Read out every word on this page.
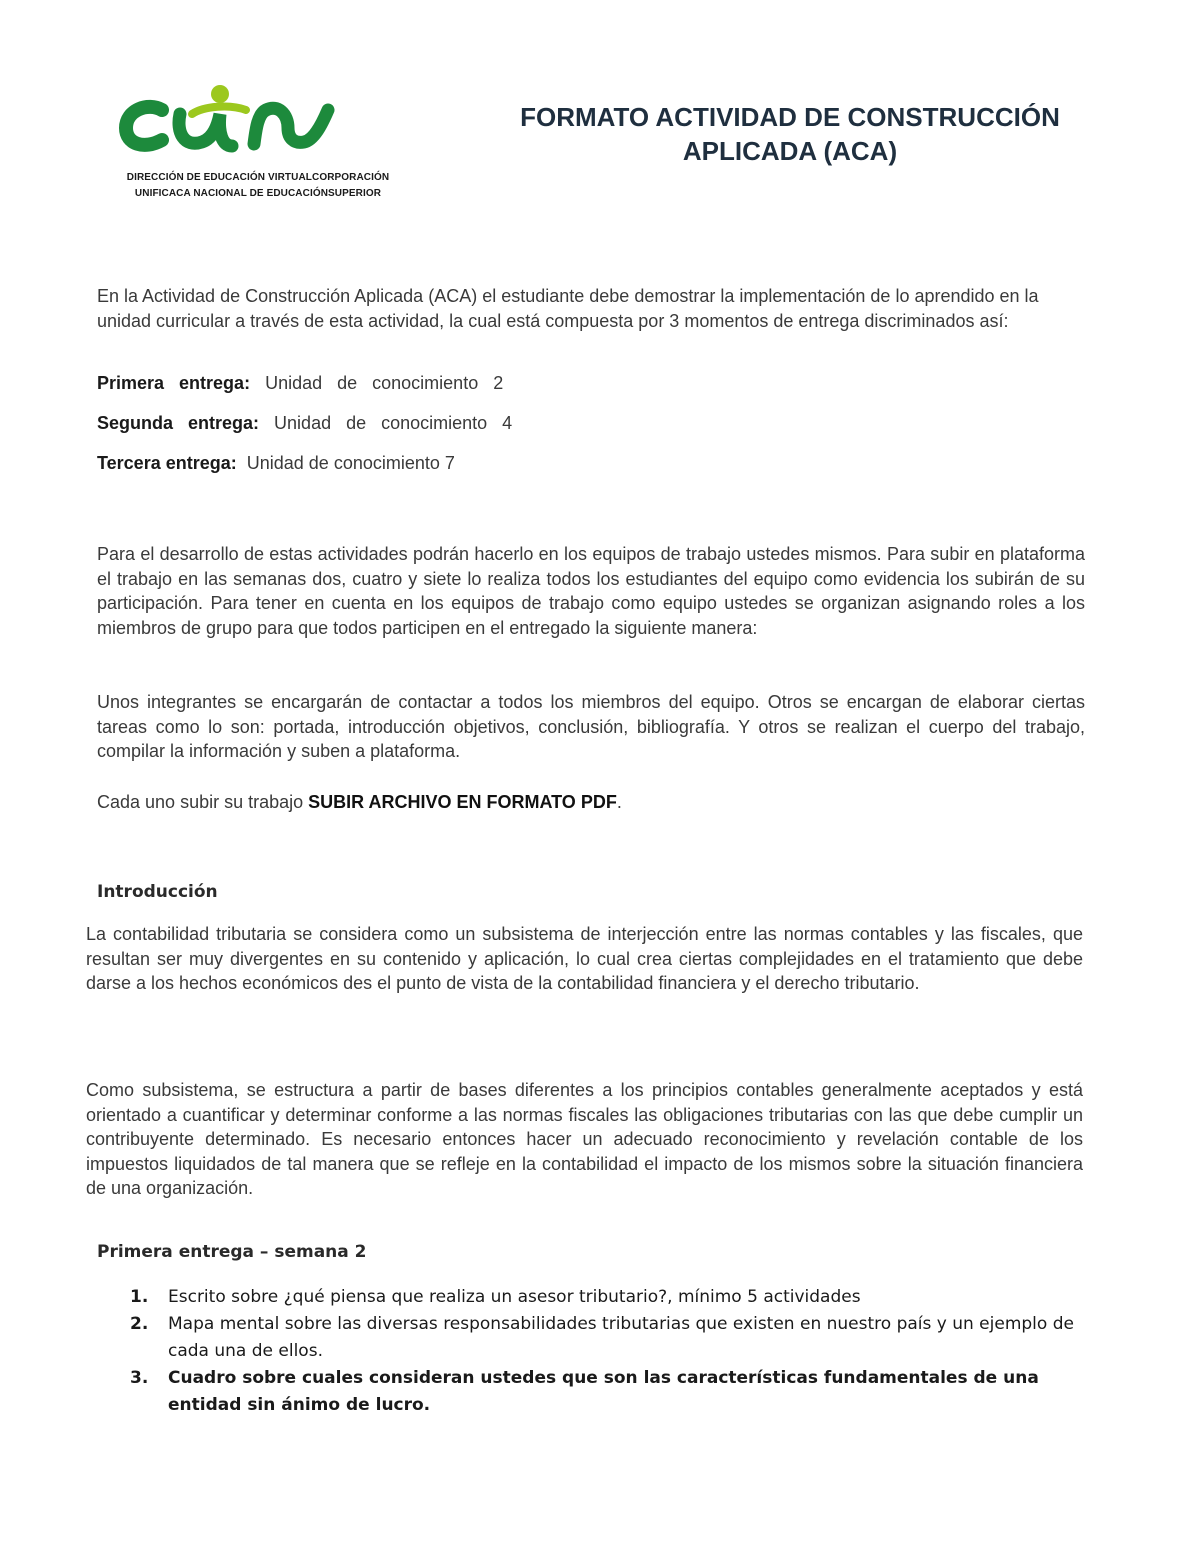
DIRECCIÓN DE EDUCACIÓN VIRTUALCORPORACIÓN
UNIFICACA NACIONAL DE EDUCACIÓNSUPERIOR
FORMATO ACTIVIDAD DE CONSTRUCCIÓN
APLICADA (ACA)

En la Actividad de Construcción Aplicada (ACA) el estudiante debe demostrar la implementación de lo aprendido en la unidad curricular a través de esta actividad, la cual está compuesta por 3 momentos de entrega discriminados así:

Primera entrega: Unidad de conocimiento 2
Segunda entrega: Unidad de conocimiento 4
Tercera entrega: Unidad de conocimiento 7

Para el desarrollo de estas actividades podrán hacerlo en los equipos de trabajo ustedes mismos. Para subir en plataforma el trabajo en las semanas dos, cuatro y siete lo realiza todos los estudiantes del equipo como evidencia los subirán de su participación. Para tener en cuenta en los equipos de trabajo como equipo ustedes se organizan asignando roles a los miembros de grupo para que todos participen en el entregado la siguiente manera:

Unos integrantes se encargarán de contactar a todos los miembros del equipo. Otros se encargan de elaborar ciertas tareas como lo son: portada, introducción objetivos, conclusión, bibliografía. Y otros se realizan el cuerpo del trabajo, compilar la información y suben a plataforma.

Cada uno subir su trabajo SUBIR ARCHIVO EN FORMATO PDF.

Introducción

La contabilidad tributaria se considera como un subsistema de interjección entre las normas contables y las fiscales, que resultan ser muy divergentes en su contenido y aplicación, lo cual crea ciertas complejidades en el tratamiento que debe darse a los hechos económicos des el punto de vista de la contabilidad financiera y el derecho tributario.

Como subsistema, se estructura a partir de bases diferentes a los principios contables generalmente aceptados y está orientado a cuantificar y determinar conforme a las normas fiscales las obligaciones tributarias con las que debe cumplir un contribuyente determinado. Es necesario entonces hacer un adecuado reconocimiento y revelación contable de los impuestos liquidados de tal manera que se refleje en la contabilidad el impacto de los mismos sobre la situación financiera de una organización.

Primera entrega – semana 2
1. Escrito sobre ¿qué piensa que realiza un asesor tributario?, mínimo 5 actividades
2. Mapa mental sobre las diversas responsabilidades tributarias que existen en nuestro país y un ejemplo de cada una de ellos.
3. Cuadro sobre cuales consideran ustedes que son las características fundamentales de una entidad sin ánimo de lucro.
